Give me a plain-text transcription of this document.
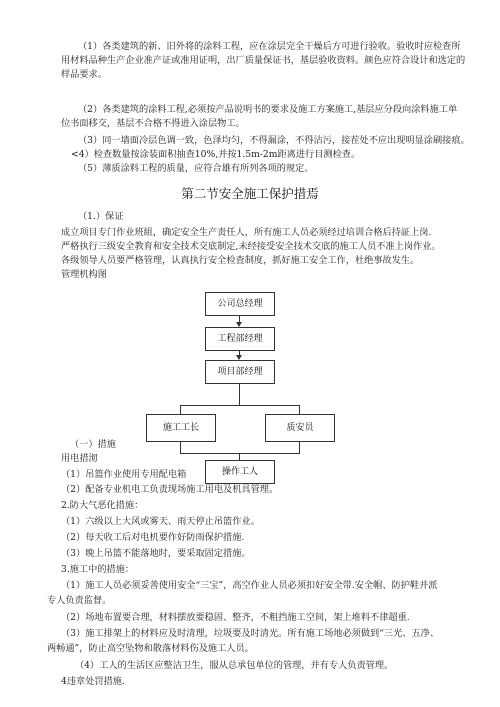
（1）各类建筑的新、旧外将的涂料工程，应在涂层完全干燥后方可进行验收。验收时应检查所

用材料品种生产企业准产证或准用证明，出厂质量保证书，基层验收资料。颜色应符合设计和选定的

样品要求。

（2）各类建筑的涂料工程,必须按产品说明书的要求及施工方案施工,基层应分段向涂料施工单

位书面移交，基层不合格不得进入涂层物工。

（3）同一墙面冷层色调一致，色泽均匀，不得漏涂，不得沾污，接茬处不应出现明显涂刷接痕。

<4）检查数量按涂装面积抽查10%,并按1.5m-2m距离进行目测检查。

（5）薄质涂料工程的质量，应符合雄有所列各项的规定。

第二节安全施工保护措焉

（1.）保证

成立项目专门作业班組，确定安全生产责任人，所有施工人员必须经过培训合格后持証上岗.

严格执行三级安全教育和安全技术交底制定,未经接受安全技术交底的施工人员不准上岗作业。

各级领导人员要严格管理，认真执行安全检査制度，抓好施工安全工作，杜绝事故发生。

管理机构图

公司总经理
工程部经理
项目部经理
施工工长	质安员
操作工人

（一）措施

用电措沏

（1）吊篮作业使用专用配电箱

（2）配备专业机电工负责现场施工用电及机具管理。

2.防大气恶化措施：

（1）六级以上大风或雾天、雨天停止吊篮作业。

（2）每天收工后对电机要作好防雨保护措施.

（3）晚上吊篮不能落地时，要采取固定措施。

3.施工中的措施：

（1）施工人员必须妥善使用安全“三宝”，高空作业人员必须扣好安全带.安全帽、防护鞋并派

专人负责监督。

（2）场地布置要合理，材料摆放要稳固、整齐，不粗挡施工空间，架上堆料不律超重.

（3）施工排架上的材料应及时清理，垃圾要及时清光。所有施工场地必须做到“三光、五净、

两畅通”，防止高空坠物和散落材料伤及施工人员。

（4）工人的生活区应整洁卫生，服从总承包单位的管理，并有专人负责管理。

4违章处罚措施.
